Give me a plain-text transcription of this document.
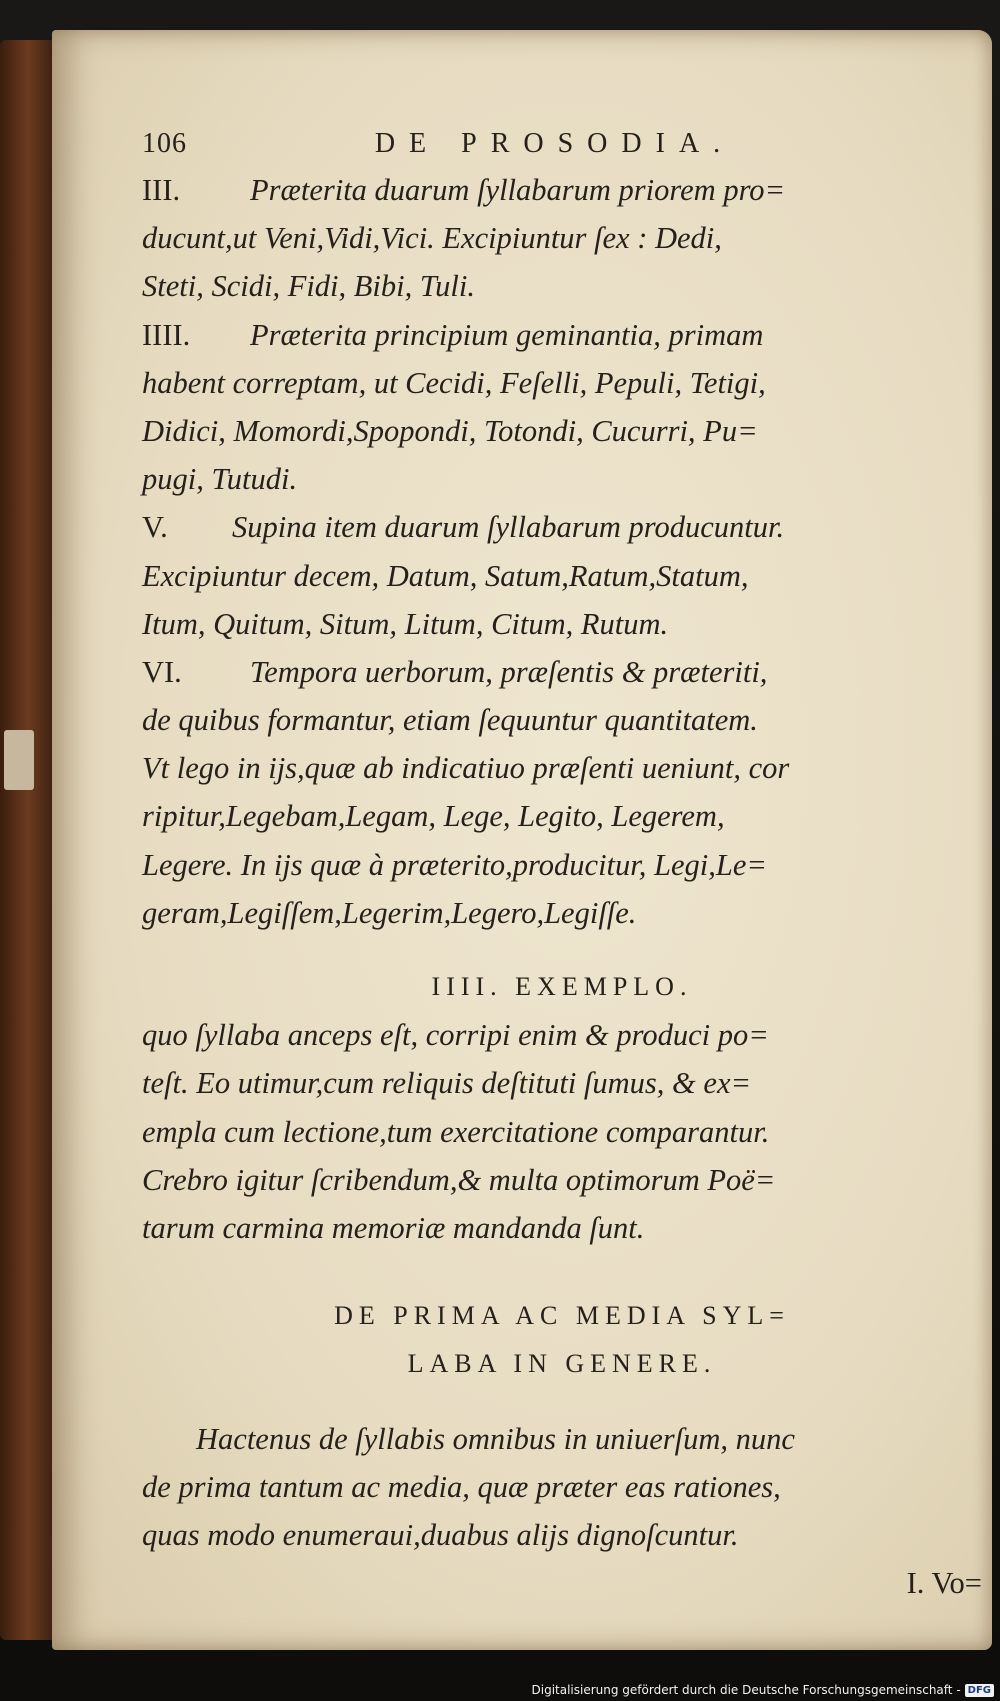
106	DE PROSODIA.
III. Præterita duarum ſyllabarum priorem pro=
ducunt,ut Veni,Vidi,Vici. Excipiuntur ſex : Dedi,
Steti, Scidi, Fidi, Bibi, Tuli.
IIII. Præterita principium geminantia, primam
habent correptam, ut Cecidi, Feſelli, Pepuli, Tetigi,
Didici, Momordi,Spopondi, Totondi, Cucurri, Pu=
pugi, Tutudi.
V. Supina item duarum ſyllabarum producuntur.
Excipiuntur decem, Datum, Satum,Ratum,Statum,
Itum, Quitum, Situm, Litum, Citum, Rutum.
VI. Tempora uerborum, præſentis & præteriti,
de quibus formantur, etiam ſequuntur quantitatem.
Vt lego in ijs,quæ ab indicatiuo præſenti ueniunt, cor
ripitur,Legebam,Legam, Lege, Legito, Legerem,
Legere. In ijs quæ à præterito,producitur, Legi,Le=
geram,Legiſſem,Legerim,Legero,Legiſſe.
IIII. EXEMPLO.
quo ſyllaba anceps eſt, corripi enim & produci po=
teſt. Eo utimur,cum reliquis deſtituti ſumus, & ex=
empla cum lectione,tum exercitatione comparantur.
Crebro igitur ſcribendum,& multa optimorum Poë=
tarum carmina memoriæ mandanda ſunt.
DE PRIMA AC MEDIA SYL=
LABA IN GENERE.
Hactenus de ſyllabis omnibus in uniuerſum, nunc
de prima tantum ac media, quæ præter eas rationes,
quas modo enumeraui,duabus alijs dignoſcuntur.
I. Vo=
Digitalisierung gefördert durch die Deutsche Forschungsgemeinschaft - DFG
